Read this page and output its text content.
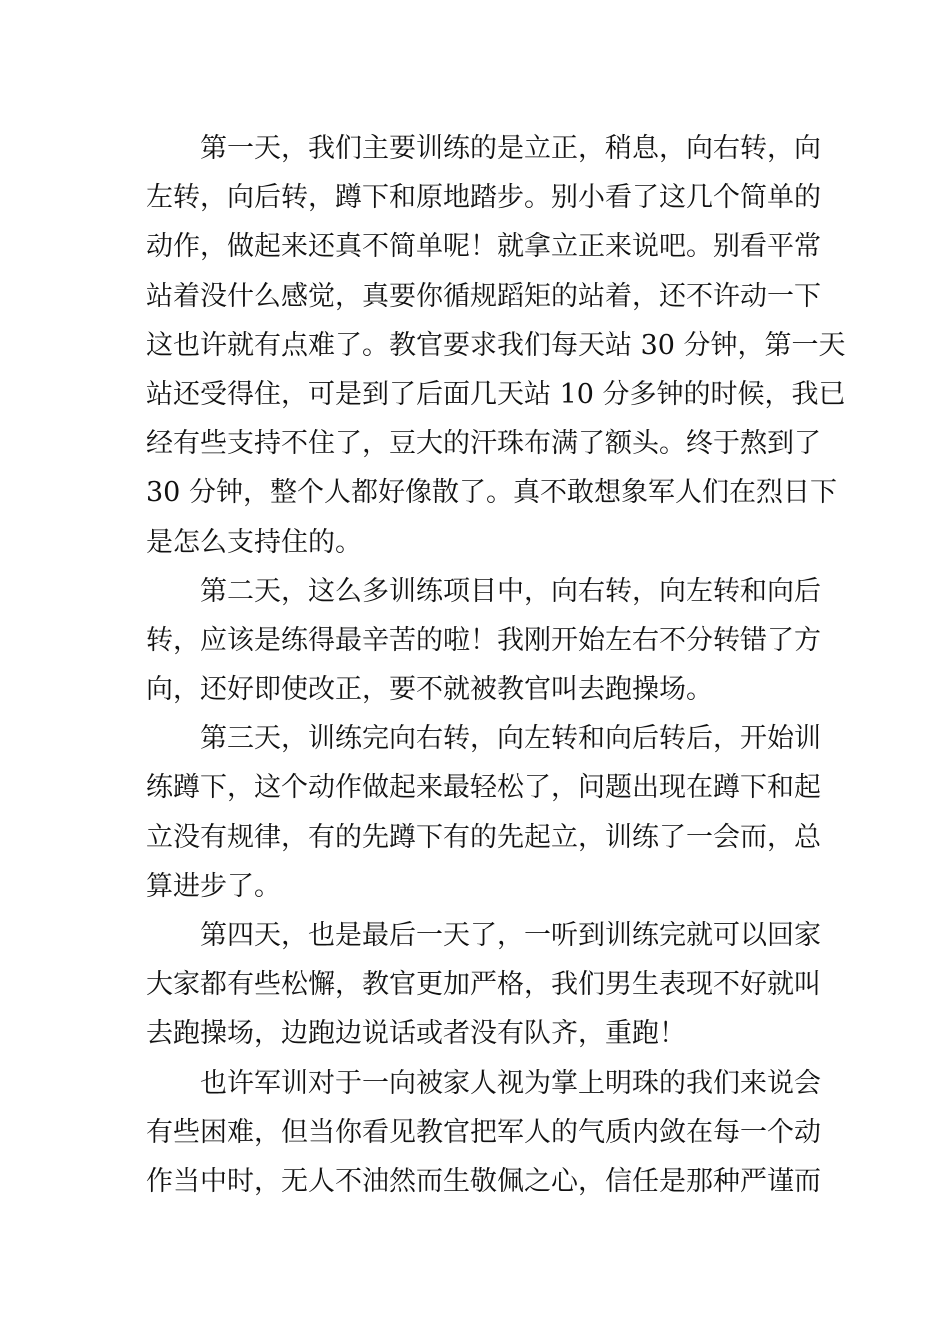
第一天，我们主要训练的是立正，稍息，向右转，向
左转，向后转，蹲下和原地踏步。别小看了这几个简单的
动作，做起来还真不简单呢！就拿立正来说吧。别看平常
站着没什么感觉，真要你循规蹈矩的站着，还不许动一下
这也许就有点难了。教官要求我们每天站 30 分钟，第一天
站还受得住，可是到了后面几天站 10 分多钟的时候，我已
经有些支持不住了，豆大的汗珠布满了额头。终于熬到了
30 分钟，整个人都好像散了。真不敢想象军人们在烈日下
是怎么支持住的。
第二天，这么多训练项目中，向右转，向左转和向后
转，应该是练得最辛苦的啦！我刚开始左右不分转错了方
向，还好即使改正，要不就被教官叫去跑操场。
第三天，训练完向右转，向左转和向后转后，开始训
练蹲下，这个动作做起来最轻松了，问题出现在蹲下和起
立没有规律，有的先蹲下有的先起立，训练了一会而，总
算进步了。
第四天，也是最后一天了，一听到训练完就可以回家
大家都有些松懈，教官更加严格，我们男生表现不好就叫
去跑操场，边跑边说话或者没有队齐，重跑！
也许军训对于一向被家人视为掌上明珠的我们来说会
有些困难，但当你看见教官把军人的气质内敛在每一个动
作当中时，无人不油然而生敬佩之心，信任是那种严谨而
